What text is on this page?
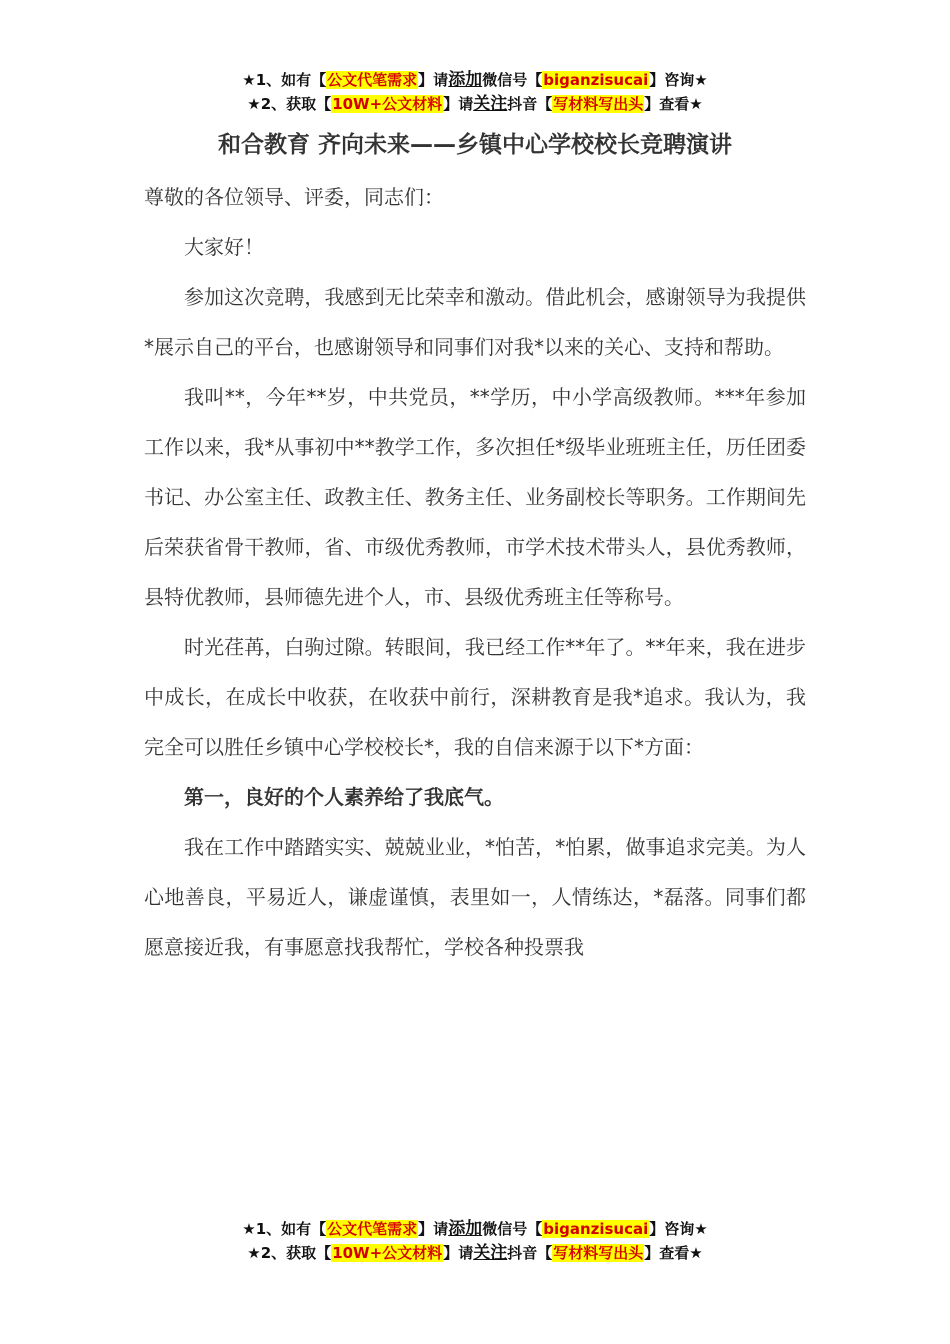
★1、如有【公文代笔需求】请添加微信号【biganzisucai】咨询★
★2、获取【10W+公文材料】请关注抖音【写材料写出头】查看★
和合教育 齐向未来——乡镇中心学校校长竞聘演讲

尊敬的各位领导、评委，同志们：

大家好！

参加这次竞聘，我感到无比荣幸和激动。借此机会，感谢领导为我提供*展示自己的平台，也感谢领导和同事们对我*以来的关心、支持和帮助。

我叫**，今年**岁，中共党员，**学历，中小学高级教师。***年参加工作以来，我*从事初中**教学工作，多次担任*级毕业班班主任，历任团委书记、办公室主任、政教主任、教务主任、业务副校长等职务。工作期间先后荣获省骨干教师，省、市级优秀教师，市学术技术带头人，县优秀教师，县特优教师，县师德先进个人，市、县级优秀班主任等称号。

时光荏苒，白驹过隙。转眼间，我已经工作**年了。**年来，我在进步中成长，在成长中收获，在收获中前行，深耕教育是我*追求。我认为，我完全可以胜任乡镇中心学校校长*，我的自信来源于以下*方面：

第一，良好的个人素养给了我底气。

我在工作中踏踏实实、兢兢业业，*怕苦，*怕累，做事追求完美。为人心地善良，平易近人，谦虚谨慎，表里如一，人情练达，*磊落。同事们都愿意接近我，有事愿意找我帮忙，学校各种投票我

★1、如有【公文代笔需求】请添加微信号【biganzisucai】咨询★
★2、获取【10W+公文材料】请关注抖音【写材料写出头】查看★
